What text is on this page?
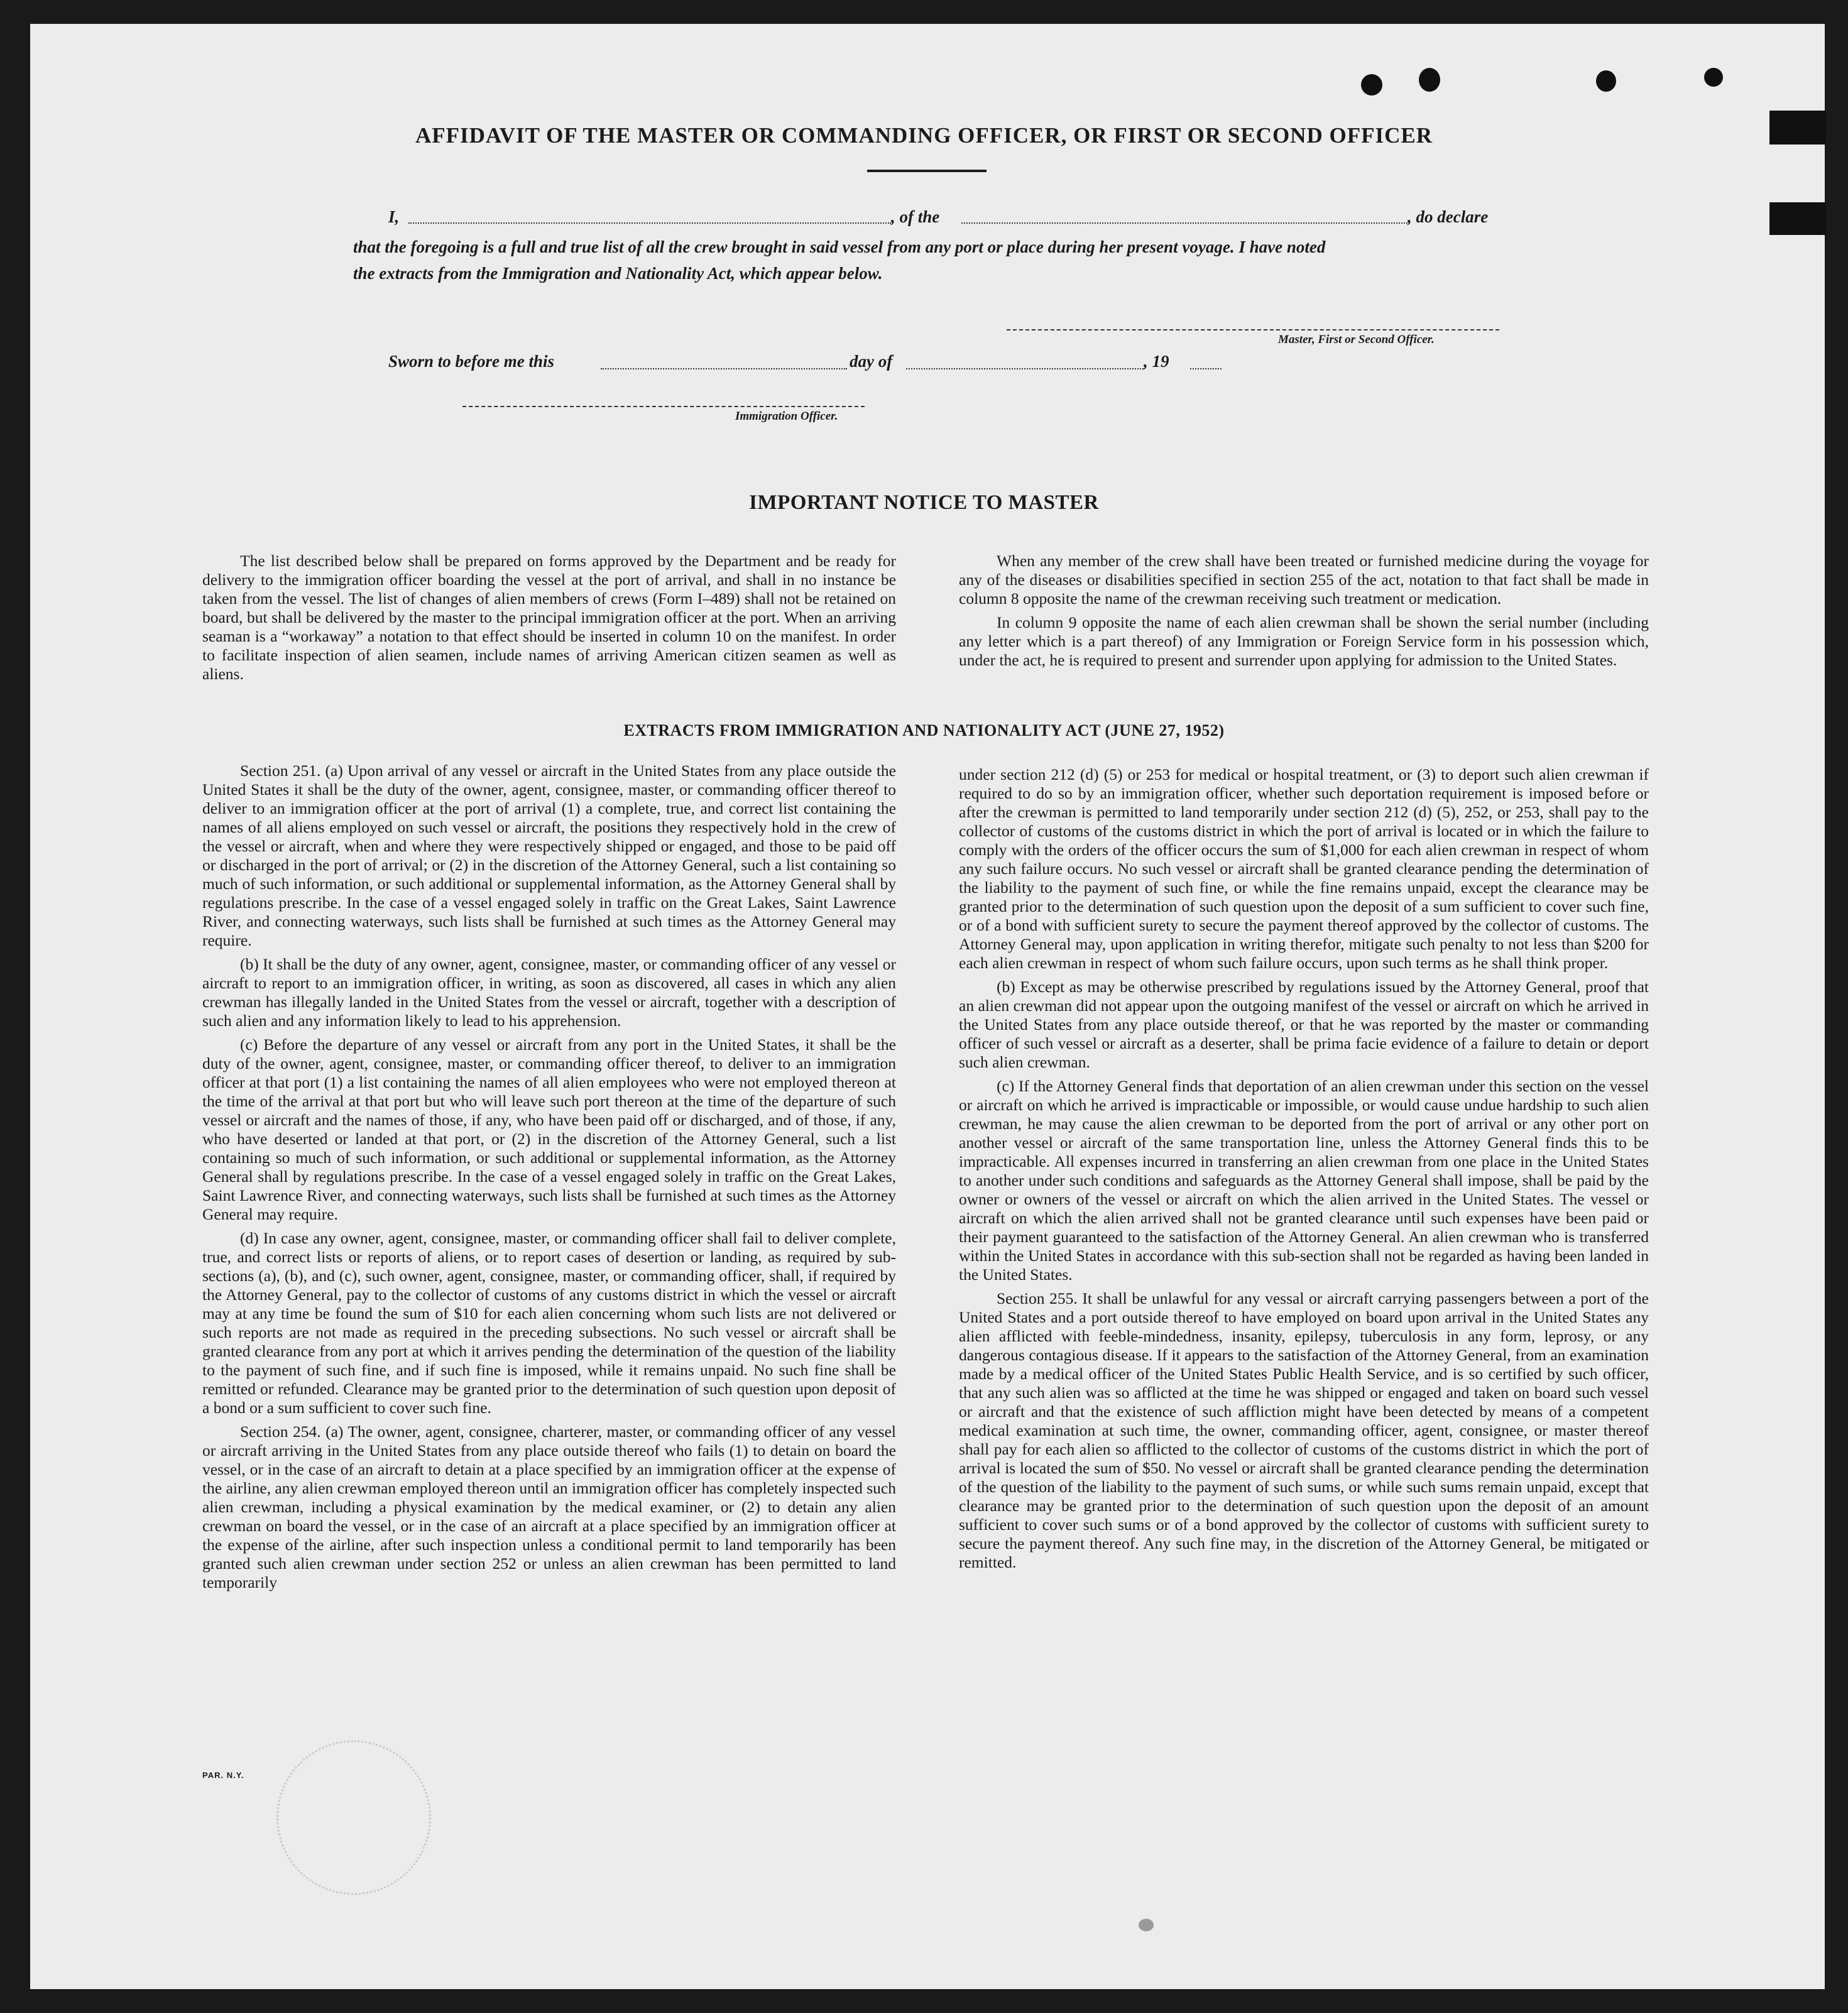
AFFIDAVIT OF THE MASTER OR COMMANDING OFFICER, OR FIRST OR SECOND OFFICER
I,	, of the	, do declare
that the foregoing is a full and true list of all the crew brought in said vessel from any port or place during her present voyage. I have noted
the extracts from the Immigration and Nationality Act, which appear below.
Master, First or Second Officer.
Sworn to before me this	day of	, 19
Immigration Officer.
IMPORTANT NOTICE TO MASTER

The list described below shall be prepared on forms approved by the Department and be ready for delivery to the immigration officer boarding the vessel at the port of arrival, and shall in no instance be taken from the vessel. The list of changes of alien members of crews (Form I–489) shall not be retained on board, but shall be delivered by the master to the principal immigration officer at the port. When an arriving seaman is a “workaway” a notation to that effect should be inserted in column 10 on the manifest. In order to facilitate inspection of alien seamen, include names of arriving American citizen seamen as well as aliens.

When any member of the crew shall have been treated or furnished medicine during the voyage for any of the diseases or disabilities specified in section 255 of the act, notation to that fact shall be made in column 8 opposite the name of the crewman receiving such treatment or medication.

In column 9 opposite the name of each alien crewman shall be shown the serial number (including any letter which is a part thereof) of any Immigration or Foreign Service form in his possession which, under the act, he is required to present and surrender upon applying for admission to the United States.

EXTRACTS FROM IMMIGRATION AND NATIONALITY ACT (JUNE 27, 1952)

Section 251. (a) Upon arrival of any vessel or aircraft in the United States from any place outside the United States it shall be the duty of the owner, agent, consignee, master, or commanding officer thereof to deliver to an immigration officer at the port of arrival (1) a complete, true, and correct list containing the names of all aliens employed on such vessel or aircraft, the positions they respectively hold in the crew of the vessel or aircraft, when and where they were respectively shipped or engaged, and those to be paid off or discharged in the port of arrival; or (2) in the discretion of the Attorney General, such a list containing so much of such information, or such additional or supplemental information, as the Attorney General shall by regulations prescribe. In the case of a vessel engaged solely in traffic on the Great Lakes, Saint Lawrence River, and connecting waterways, such lists shall be furnished at such times as the Attorney General may require.

(b) It shall be the duty of any owner, agent, consignee, master, or commanding officer of any vessel or aircraft to report to an immigration officer, in writing, as soon as discovered, all cases in which any alien crewman has illegally landed in the United States from the vessel or aircraft, together with a description of such alien and any information likely to lead to his apprehension.

(c) Before the departure of any vessel or aircraft from any port in the United States, it shall be the duty of the owner, agent, consignee, master, or commanding officer thereof, to deliver to an immigration officer at that port (1) a list containing the names of all alien employees who were not employed thereon at the time of the arrival at that port but who will leave such port thereon at the time of the departure of such vessel or aircraft and the names of those, if any, who have been paid off or discharged, and of those, if any, who have deserted or landed at that port, or (2) in the discretion of the Attorney General, such a list containing so much of such information, or such additional or supplemental information, as the Attorney General shall by regulations prescribe. In the case of a vessel engaged solely in traffic on the Great Lakes, Saint Lawrence River, and connecting waterways, such lists shall be furnished at such times as the Attorney General may require.

(d) In case any owner, agent, consignee, master, or commanding officer shall fail to deliver complete, true, and correct lists or reports of aliens, or to report cases of desertion or landing, as required by sub-sections (a), (b), and (c), such owner, agent, consignee, master, or commanding officer, shall, if required by the Attorney General, pay to the collector of customs of any customs district in which the vessel or aircraft may at any time be found the sum of $10 for each alien concerning whom such lists are not delivered or such reports are not made as required in the preceding subsections. No such vessel or aircraft shall be granted clearance from any port at which it arrives pending the determination of the question of the liability to the payment of such fine, and if such fine is imposed, while it remains unpaid. No such fine shall be remitted or refunded. Clearance may be granted prior to the determination of such question upon deposit of a bond or a sum sufficient to cover such fine.

Section 254. (a) The owner, agent, consignee, charterer, master, or commanding officer of any vessel or aircraft arriving in the United States from any place outside thereof who fails (1) to detain on board the vessel, or in the case of an aircraft to detain at a place specified by an immigration officer at the expense of the airline, any alien crewman employed thereon until an immigration officer has completely inspected such alien crewman, including a physical examination by the medical examiner, or (2) to detain any alien crewman on board the vessel, or in the case of an aircraft at a place specified by an immigration officer at the expense of the airline, after such inspection unless a conditional permit to land temporarily has been granted such alien crewman under section 252 or unless an alien crewman has been permitted to land temporarily

under section 212 (d) (5) or 253 for medical or hospital treatment, or (3) to deport such alien crewman if required to do so by an immigration officer, whether such deportation requirement is imposed before or after the crewman is permitted to land temporarily under section 212 (d) (5), 252, or 253, shall pay to the collector of customs of the customs district in which the port of arrival is located or in which the failure to comply with the orders of the officer occurs the sum of $1,000 for each alien crewman in respect of whom any such failure occurs. No such vessel or aircraft shall be granted clearance pending the determination of the liability to the payment of such fine, or while the fine remains unpaid, except the clearance may be granted prior to the determination of such question upon the deposit of a sum sufficient to cover such fine, or of a bond with sufficient surety to secure the payment thereof approved by the collector of customs. The Attorney General may, upon application in writing therefor, mitigate such penalty to not less than $200 for each alien crewman in respect of whom such failure occurs, upon such terms as he shall think proper.

(b) Except as may be otherwise prescribed by regulations issued by the Attorney General, proof that an alien crewman did not appear upon the outgoing manifest of the vessel or aircraft on which he arrived in the United States from any place outside thereof, or that he was reported by the master or commanding officer of such vessel or aircraft as a deserter, shall be prima facie evidence of a failure to detain or deport such alien crewman.

(c) If the Attorney General finds that deportation of an alien crewman under this section on the vessel or aircraft on which he arrived is impracticable or impossible, or would cause undue hardship to such alien crewman, he may cause the alien crewman to be deported from the port of arrival or any other port on another vessel or aircraft of the same transportation line, unless the Attorney General finds this to be impracticable. All expenses incurred in transferring an alien crewman from one place in the United States to another under such conditions and safeguards as the Attorney General shall impose, shall be paid by the owner or owners of the vessel or aircraft on which the alien arrived in the United States. The vessel or aircraft on which the alien arrived shall not be granted clearance until such expenses have been paid or their payment guaranteed to the satisfaction of the Attorney General. An alien crewman who is transferred within the United States in accordance with this sub-section shall not be regarded as having been landed in the United States.

Section 255. It shall be unlawful for any vessal or aircraft carrying passengers between a port of the United States and a port outside thereof to have employed on board upon arrival in the United States any alien afflicted with feeble-mindedness, insanity, epilepsy, tuberculosis in any form, leprosy, or any dangerous contagious disease. If it appears to the satisfaction of the Attorney General, from an examination made by a medical officer of the United States Public Health Service, and is so certified by such officer, that any such alien was so afflicted at the time he was shipped or engaged and taken on board such vessel or aircraft and that the existence of such affliction might have been detected by means of a competent medical examination at such time, the owner, commanding officer, agent, consignee, or master thereof shall pay for each alien so afflicted to the collector of customs of the customs district in which the port of arrival is located the sum of $50. No vessel or aircraft shall be granted clearance pending the determination of the question of the liability to the payment of such sums, or while such sums remain unpaid, except that clearance may be granted prior to the determination of such question upon the deposit of an amount sufficient to cover such sums or of a bond approved by the collector of customs with sufficient surety to secure the payment thereof. Any such fine may, in the discretion of the Attorney General, be mitigated or remitted.

PAR. N.Y.
